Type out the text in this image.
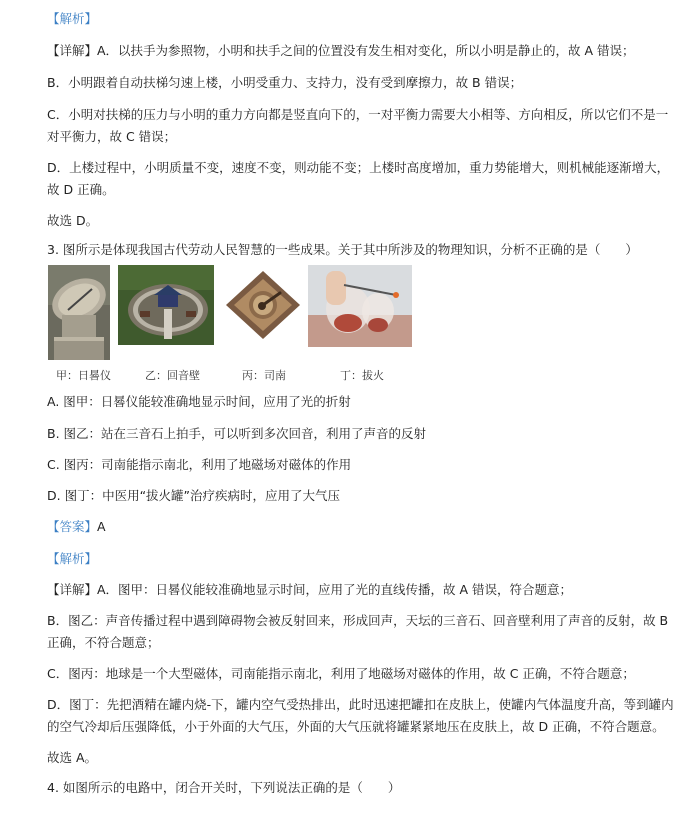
【解析】
【详解】A．以扶手为参照物，小明和扶手之间的位置没有发生相对变化，所以小明是静止的，故 A 错误；
B．小明跟着自动扶梯匀速上楼，小明受重力、支持力，没有受到摩擦力，故 B 错误；
C．小明对扶梯的压力与小明的重力方向都是竖直向下的，一对平衡力需要大小相等、方向相反，所以它们不是一
对平衡力，故 C 错误；
D．上楼过程中，小明质量不变，速度不变，则动能不变；上楼时高度增加，重力势能增大，则机械能逐渐增大，
故 D 正确。
故选 D。
3. 图所示是体现我国古代劳动人民智慧的一些成果。关于其中所涉及的物理知识，分析不正确的是（　　）
甲：日晷仪	乙：回音壁	丙：司南	丁：拔火
A. 图甲：日晷仪能较准确地显示时间，应用了光的折射
B. 图乙：站在三音石上拍手，可以听到多次回音，利用了声音的反射
C. 图丙：司南能指示南北，利用了地磁场对磁体的作用
D. 图丁：中医用“拔火罐”治疗疾病时，应用了大气压
【答案】A
【解析】
【详解】A．图甲：日晷仪能较准确地显示时间，应用了光的直线传播，故 A 错误，符合题意；
B．图乙：声音传播过程中遇到障碍物会被反射回来，形成回声，天坛的三音石、回音壁利用了声音的反射，故 B
正确，不符合题意；
C．图丙：地球是一个大型磁体，司南能指示南北，利用了地磁场对磁体的作用，故 C 正确，不符合题意；
D．图丁：先把酒精在罐内烧-下，罐内空气受热排出，此时迅速把罐扣在皮肤上，使罐内气体温度升高，等到罐内
的空气冷却后压强降低，小于外面的大气压，外面的大气压就将罐紧紧地压在皮肤上，故 D 正确，不符合题意。
故选 A。
4. 如图所示的电路中，闭合开关时，下列说法正确的是（　　）
